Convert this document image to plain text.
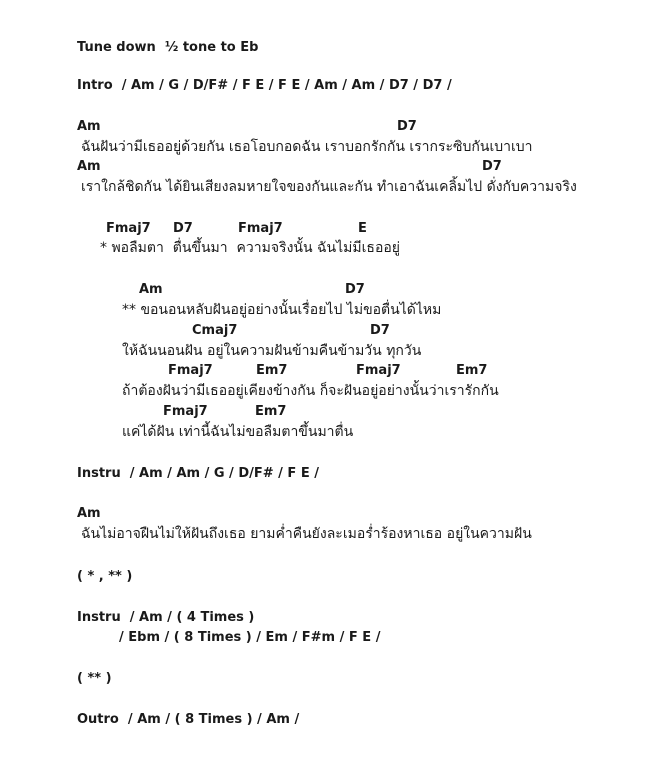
Tune down  ½ tone to Eb
Intro  / Am / G / D/F# / F E / F E / Am / Am / D7 / D7 /
Am	D7
ฉันฝันว่ามีเธออยู่ด้วยกัน เธอโอบกอดฉัน เราบอกรักกัน เรากระซิบกันเบาเบา
Am	D7
เราใกล้ชิดกัน ได้ยินเสียงลมหายใจของกันและกัน ทำเอาฉันเคลิ้มไป ดั่งกับความจริง
Fmaj7 D7	Fmaj7	E
* พอลืมตา  ตื่นขึ้นมา  ความจริงนั้น ฉันไม่มีเธออยู่
Am	D7
** ขอนอนหลับฝันอยู่อย่างนั้นเรื่อยไป ไม่ขอตื่นได้ไหม
Cmaj7	D7
ให้ฉันนอนฝัน อยู่ในความฝันข้ามคืนข้ามวัน ทุกวัน
Fmaj7	Em7	Fmaj7	Em7
ถ้าต้องฝันว่ามีเธออยู่เคียงข้างกัน ก็จะฝันอยู่อย่างนั้นว่าเรารักกัน
Fmaj7	Em7
แค่ได้ฝัน เท่านี้ฉันไม่ขอลืมตาขึ้นมาตื่น
Instru  / Am / Am / G / D/F# / F E /
Am
ฉันไม่อาจฝืนไม่ให้ฝันถึงเธอ ยามค่ำคืนยังละเมอร่ำร้องหาเธอ อยู่ในความฝัน
( * , ** )
Instru  / Am / ( 4 Times )
/ Ebm / ( 8 Times ) / Em / F#m / F E /
( ** )
Outro  / Am / ( 8 Times ) / Am /
